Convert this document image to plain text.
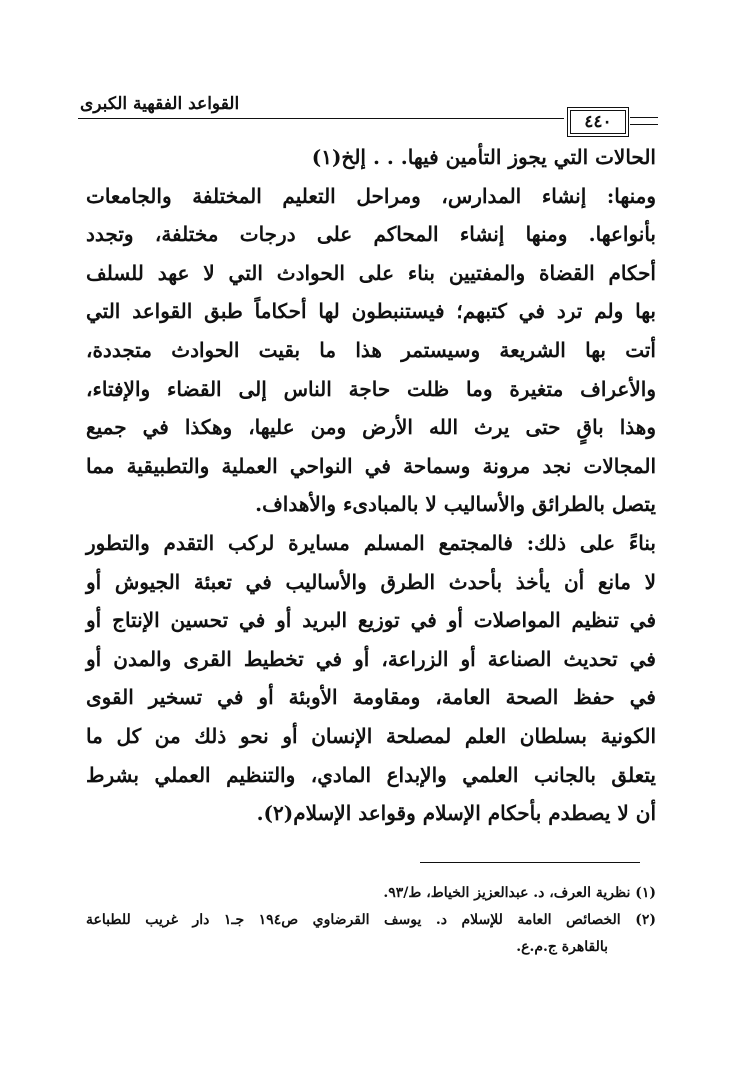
القواعد الفقهية الكبرى
٤٤٠
الحالات التي يجوز التأمين فيها. . . إلخ(١)
ومنها: إنشاء المدارس، ومراحل التعليم المختلفة والجامعات
بأنواعها. ومنها إنشاء المحاكم على درجات مختلفة، وتجدد
أحكام القضاة والمفتيين بناء على الحوادث التي لا عهد للسلف
بها ولم ترد في كتبهم؛ فيستنبطون لها أحكاماً طبق القواعد التي
أتت بها الشريعة وسيستمر هذا ما بقيت الحوادث متجددة،
والأعراف متغيرة وما ظلت حاجة الناس إلى القضاء والإفتاء،
وهذا باقٍ حتى يرث الله الأرض ومن عليها، وهكذا في جميع
المجالات نجد مرونة وسماحة في النواحي العملية والتطبيقية مما
يتصل بالطرائق والأساليب لا بالمبادىء والأهداف.
بناءً على ذلك: فالمجتمع المسلم مسايرة لركب التقدم والتطور
لا مانع أن يأخذ بأحدث الطرق والأساليب في تعبئة الجيوش أو
في تنظيم المواصلات أو في توزيع البريد أو في تحسين الإنتاج أو
في تحديث الصناعة أو الزراعة، أو في تخطيط القرى والمدن أو
في حفظ الصحة العامة، ومقاومة الأوبئة أو في تسخير القوى
الكونية بسلطان العلم لمصلحة الإنسان أو نحو ذلك من كل ما
يتعلق بالجانب العلمي والإبداع المادي، والتنظيم العملي بشرط
أن لا يصطدم بأحكام الإسلام وقواعد الإسلام(٢).
(١) نظرية العرف، د. عبدالعزيز الخياط، ط/٩٣.
(٢) الخصائص العامة للإسلام د. يوسف القرضاوي ص١٩٤ جـ١ دار غريب للطباعة
بالقاهرة ج.م.ع.
